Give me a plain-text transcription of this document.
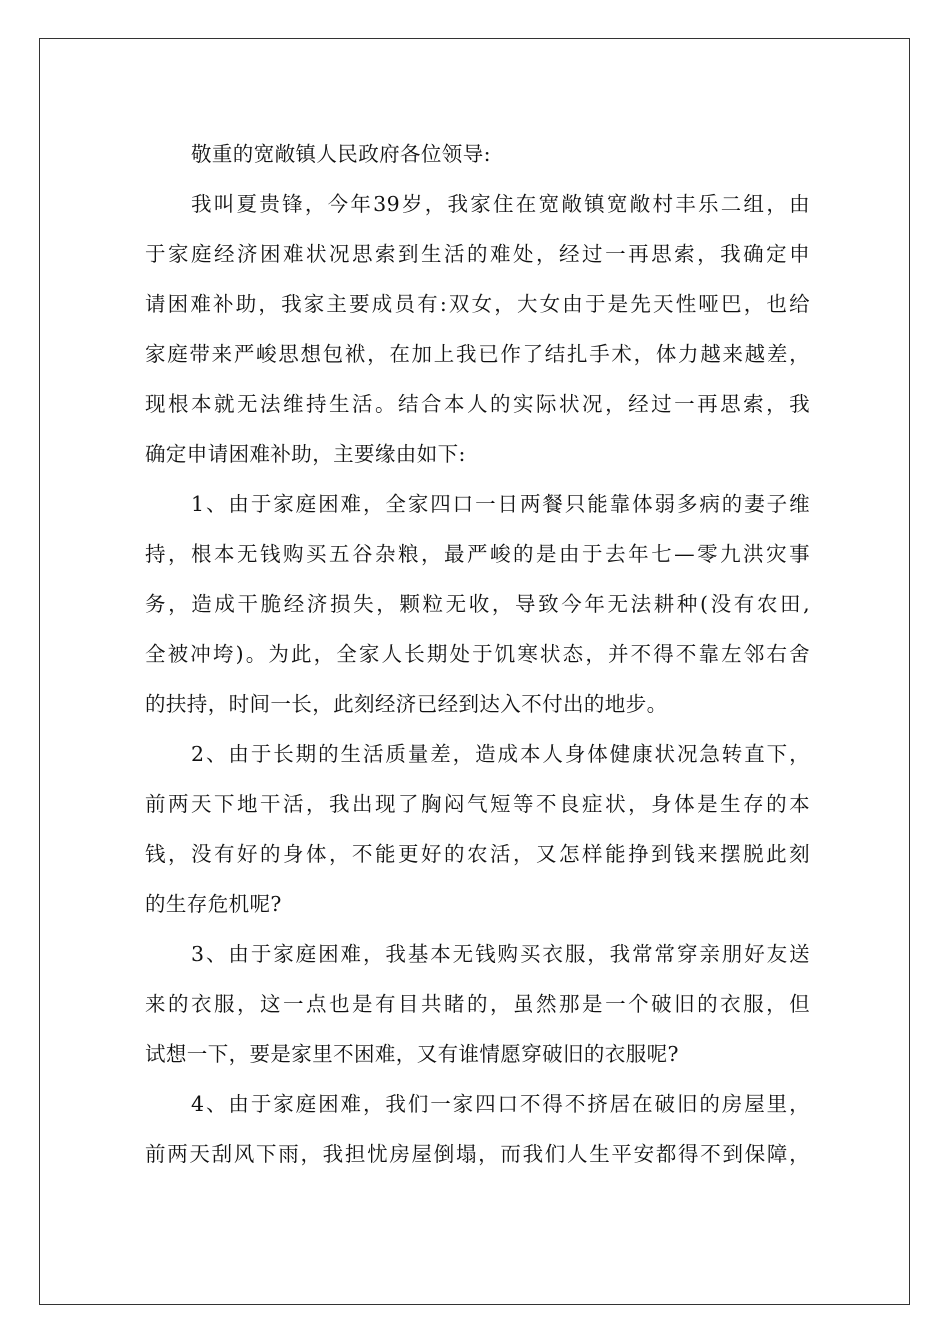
敬重的宽敞镇人民政府各位领导:
我叫夏贵锋，今年39岁，我家住在宽敞镇宽敞村丰乐二组，由
于家庭经济困难状况思索到生活的难处，经过一再思索，我确定申
请困难补助，我家主要成员有:双女，大女由于是先天性哑巴，也给
家庭带来严峻思想包袱，在加上我已作了结扎手术，体力越来越差，
现根本就无法维持生活。结合本人的实际状况，经过一再思索，我
确定申请困难补助，主要缘由如下:
1、由于家庭困难，全家四口一日两餐只能靠体弱多病的妻子维
持，根本无钱购买五谷杂粮，最严峻的是由于去年七—零九洪灾事
务，造成干脆经济损失，颗粒无收，导致今年无法耕种(没有农田,
全被冲垮)。为此，全家人长期处于饥寒状态，并不得不靠左邻右舍
的扶持，时间一长，此刻经济已经到达入不付出的地步。
2、由于长期的生活质量差，造成本人身体健康状况急转直下，
前两天下地干活，我出现了胸闷气短等不良症状，身体是生存的本
钱，没有好的身体，不能更好的农活，又怎样能挣到钱来摆脱此刻
的生存危机呢?
3、由于家庭困难，我基本无钱购买衣服，我常常穿亲朋好友送
来的衣服，这一点也是有目共睹的，虽然那是一个破旧的衣服，但
试想一下，要是家里不困难，又有谁情愿穿破旧的衣服呢?
4、由于家庭困难，我们一家四口不得不挤居在破旧的房屋里，
前两天刮风下雨，我担忧房屋倒塌，而我们人生平安都得不到保障，
